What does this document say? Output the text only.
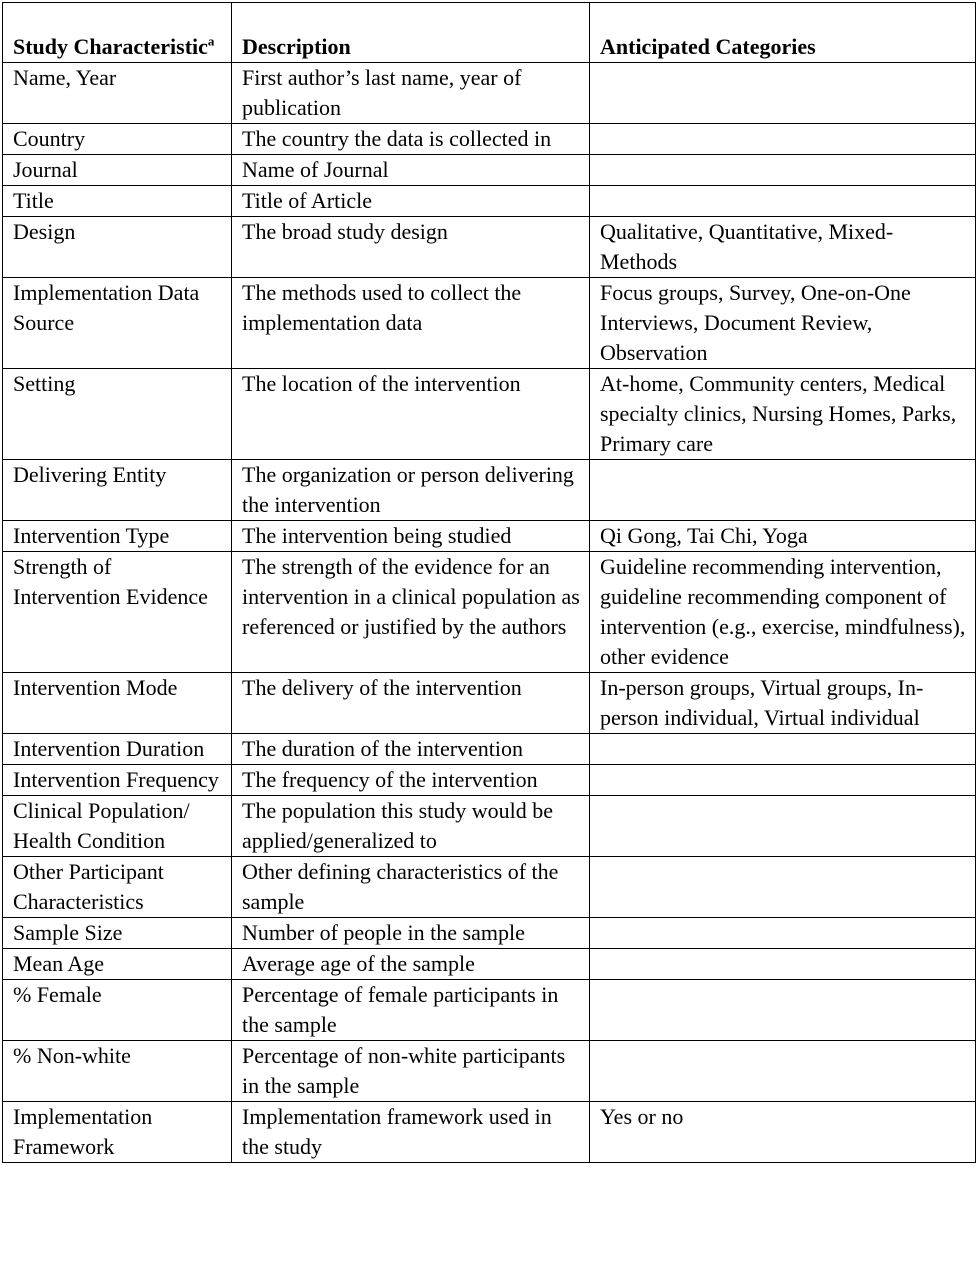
Study Characteristic$^a$	Description	Anticipated Categories
Name, Year	First author’s last name, year of publication	
Country	The country the data is collected in	
Journal	Name of Journal	
Title	Title of Article	
Design	The broad study design	Qualitative, Quantitative, Mixed-Methods
Implementation Data Source	The methods used to collect the implementation data	Focus groups, Survey, One-on-One Interviews, Document Review, Observation
Setting	The location of the intervention	At-home, Community centers, Medical specialty clinics, Nursing Homes, Parks, Primary care
Delivering Entity	The organization or person delivering the intervention	
Intervention Type	The intervention being studied	Qi Gong, Tai Chi, Yoga
Strength of Intervention Evidence	The strength of the evidence for an intervention in a clinical population as referenced or justified by the authors	Guideline recommending intervention, guideline recommending component of intervention (e.g., exercise, mindfulness), other evidence
Intervention Mode	The delivery of the intervention	In-person groups, Virtual groups, In-person individual, Virtual individual
Intervention Duration	The duration of the intervention	
Intervention Frequency	The frequency of the intervention	
Clinical Population/ Health Condition	The population this study would be applied/generalized to	
Other Participant Characteristics	Other defining characteristics of the sample	
Sample Size	Number of people in the sample	
Mean Age	Average age of the sample	
% Female	Percentage of female participants in the sample	
% Non-white	Percentage of non-white participants in the sample	
Implementation Framework	Implementation framework used in the study	Yes or no
